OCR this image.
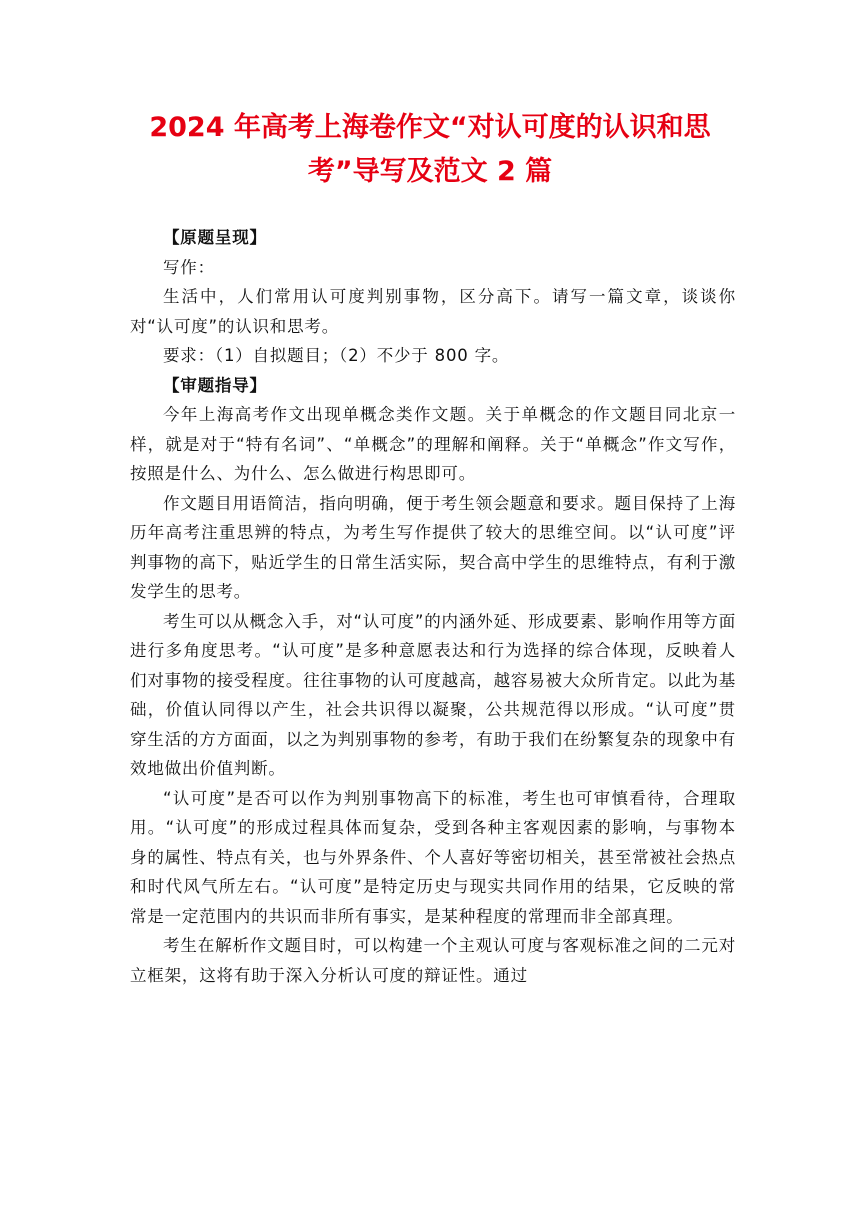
2024 年高考上海卷作文“对认可度的认识和思考”导写及范文 2 篇

【原题呈现】

写作：

生活中，人们常用认可度判别事物，区分高下。请写一篇文章，谈谈你对“认可度”的认识和思考。

要求：（1）自拟题目；（2）不少于 800 字。

【审题指导】

今年上海高考作文出现单概念类作文题。关于单概念的作文题目同北京一样，就是对于“特有名词”、“单概念”的理解和阐释。关于“单概念”作文写作，按照是什么、为什么、怎么做进行构思即可。

作文题目用语简洁，指向明确，便于考生领会题意和要求。题目保持了上海历年高考注重思辨的特点，为考生写作提供了较大的思维空间。以“认可度”评判事物的高下，贴近学生的日常生活实际，契合高中学生的思维特点，有利于激发学生的思考。

考生可以从概念入手，对“认可度”的内涵外延、形成要素、影响作用等方面进行多角度思考。“认可度”是多种意愿表达和行为选择的综合体现，反映着人们对事物的接受程度。往往事物的认可度越高，越容易被大众所肯定。以此为基础，价值认同得以产生，社会共识得以凝聚，公共规范得以形成。“认可度”贯穿生活的方方面面，以之为判别事物的参考，有助于我们在纷繁复杂的现象中有效地做出价值判断。

“认可度”是否可以作为判别事物高下的标准，考生也可审慎看待，合理取用。“认可度”的形成过程具体而复杂，受到各种主客观因素的影响，与事物本身的属性、特点有关，也与外界条件、个人喜好等密切相关，甚至常被社会热点和时代风气所左右。“认可度”是特定历史与现实共同作用的结果，它反映的常常是一定范围内的共识而非所有事实，是某种程度的常理而非全部真理。

考生在解析作文题目时，可以构建一个主观认可度与客观标准之间的二元对立框架，这将有助于深入分析认可度的辩证性。通过
